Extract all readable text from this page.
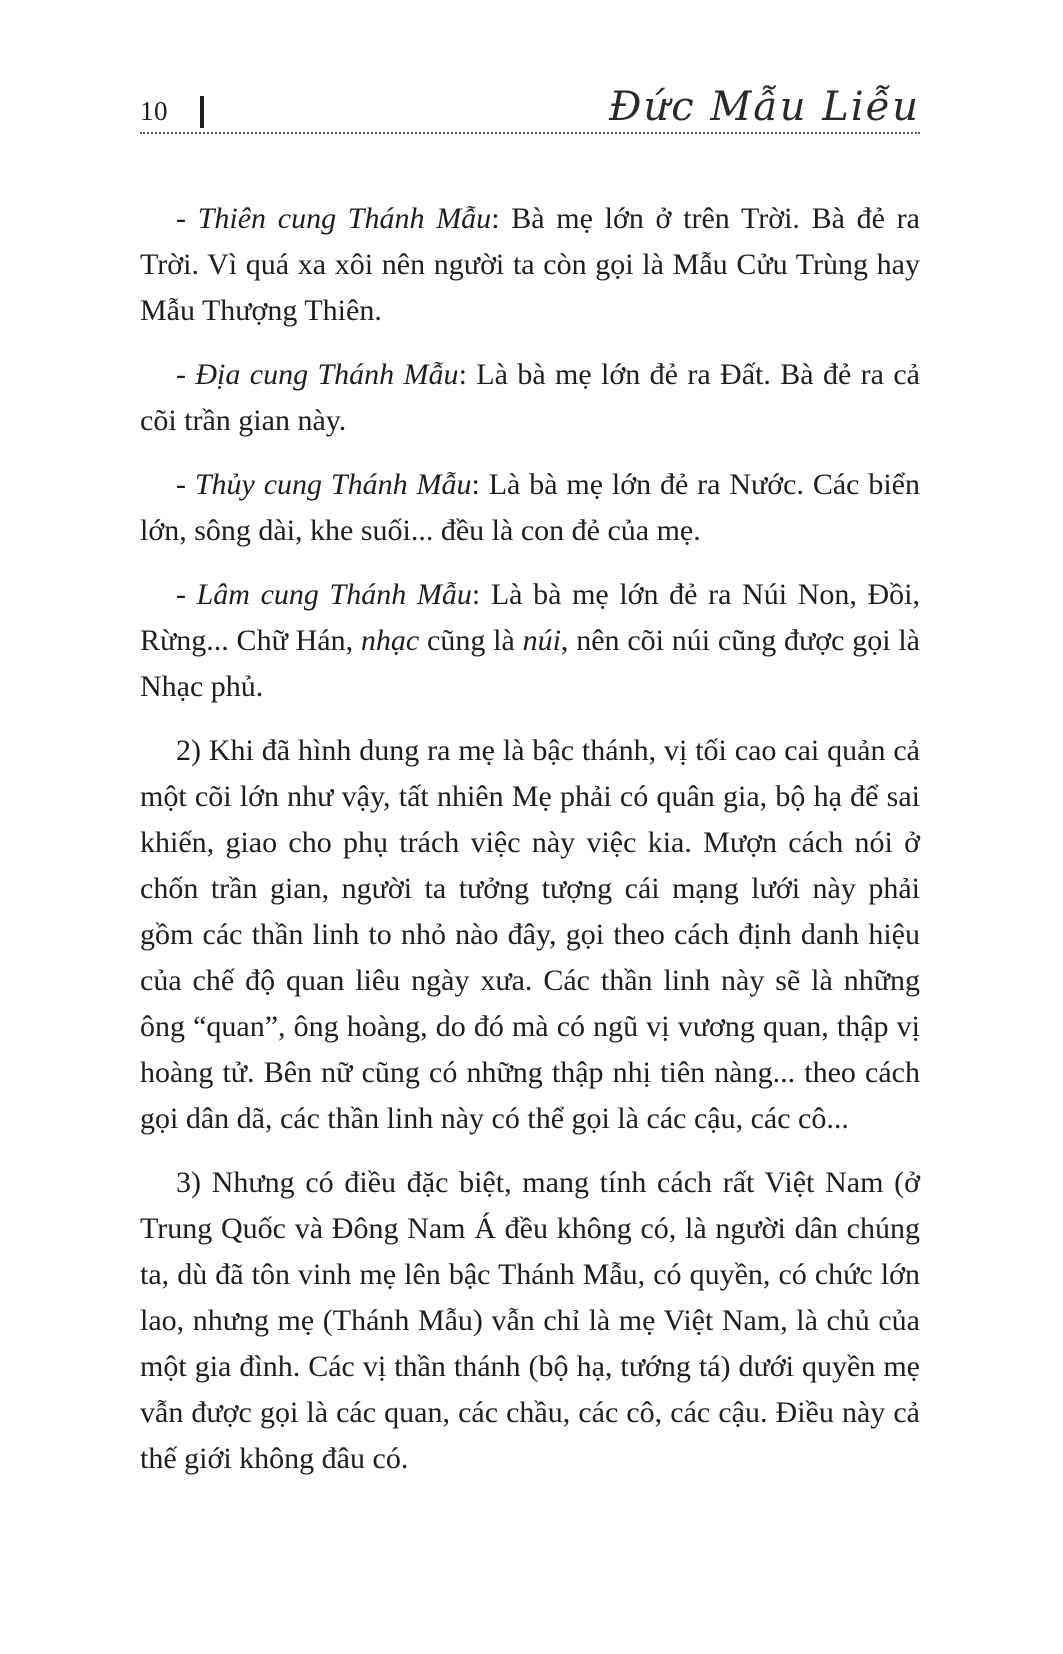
10	Đức Mẫu Liễu

- Thiên cung Thánh Mẫu: Bà mẹ lớn ở trên Trời. Bà đẻ ra Trời. Vì quá xa xôi nên người ta còn gọi là Mẫu Cửu Trùng hay Mẫu Thượng Thiên.

- Địa cung Thánh Mẫu: Là bà mẹ lớn đẻ ra Đất. Bà đẻ ra cả cõi trần gian này.

- Thủy cung Thánh Mẫu: Là bà mẹ lớn đẻ ra Nước. Các biển lớn, sông dài, khe suối... đều là con đẻ của mẹ.

- Lâm cung Thánh Mẫu: Là bà mẹ lớn đẻ ra Núi Non, Đồi, Rừng... Chữ Hán, nhạc cũng là núi, nên cõi núi cũng được gọi là Nhạc phủ.

2) Khi đã hình dung ra mẹ là bậc thánh, vị tối cao cai quản cả một cõi lớn như vậy, tất nhiên Mẹ phải có quân gia, bộ hạ để sai khiến, giao cho phụ trách việc này việc kia. Mượn cách nói ở chốn trần gian, người ta tưởng tượng cái mạng lưới này phải gồm các thần linh to nhỏ nào đây, gọi theo cách định danh hiệu của chế độ quan liêu ngày xưa. Các thần linh này sẽ là những ông “quan”, ông hoàng, do đó mà có ngũ vị vương quan, thập vị hoàng tử. Bên nữ cũng có những thập nhị tiên nàng... theo cách gọi dân dã, các thần linh này có thể gọi là các cậu, các cô...

3) Nhưng có điều đặc biệt, mang tính cách rất Việt Nam (ở Trung Quốc và Đông Nam Á đều không có, là người dân chúng ta, dù đã tôn vinh mẹ lên bậc Thánh Mẫu, có quyền, có chức lớn lao, nhưng mẹ (Thánh Mẫu) vẫn chỉ là mẹ Việt Nam, là chủ của một gia đình. Các vị thần thánh (bộ hạ, tướng tá) dưới quyền mẹ vẫn được gọi là các quan, các chầu, các cô, các cậu. Điều này cả thế giới không đâu có.
